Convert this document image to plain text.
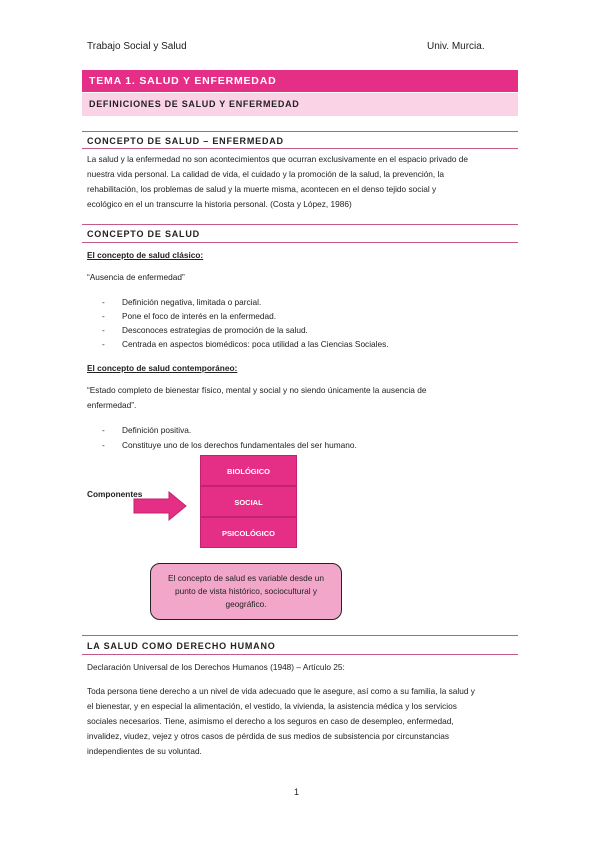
Trabajo Social y Salud	Univ. Murcia.
TEMA 1. SALUD Y ENFERMEDAD
DEFINICIONES DE SALUD Y ENFERMEDAD
CONCEPTO DE SALUD – ENFERMEDAD
La salud y la enfermedad no son acontecimientos que ocurran exclusivamente en el espacio privado de
nuestra vida personal. La calidad de vida, el cuidado y la promoción de la salud, la prevención, la
rehabilitación, los problemas de salud y la muerte misma, acontecen en el denso tejido social y
ecológico en el un transcurre la historia personal. (Costa y López, 1986)
CONCEPTO DE SALUD
El concepto de salud clásico:
“Ausencia de enfermedad”
- Definición negativa, limitada o parcial.
- Pone el foco de interés en la enfermedad.
- Desconoces estrategias de promoción de la salud.
- Centrada en aspectos biomédicos: poca utilidad a las Ciencias Sociales.
El concepto de salud contemporáneo:
“Estado completo de bienestar físico, mental y social y no siendo únicamente la ausencia de
enfermedad”.
- Definición positiva.
- Constituye uno de los derechos fundamentales del ser humano.
Componentes
BIOLÓGICO
SOCIAL
PSICOLÓGICO
El concepto de salud es variable desde un
punto de vista histórico, sociocultural y
geográfico.
LA SALUD COMO DERECHO HUMANO
Declaración Universal de los Derechos Humanos (1948) – Artículo 25:
Toda persona tiene derecho a un nivel de vida adecuado que le asegure, así como a su familia, la salud y
el bienestar, y en especial la alimentación, el vestido, la vivienda, la asistencia médica y los servicios
sociales necesarios. Tiene, asimismo el derecho a los seguros en caso de desempleo, enfermedad,
invalidez, viudez, vejez y otros casos de pérdida de sus medios de subsistencia por circunstancias
independientes de su voluntad.
1
